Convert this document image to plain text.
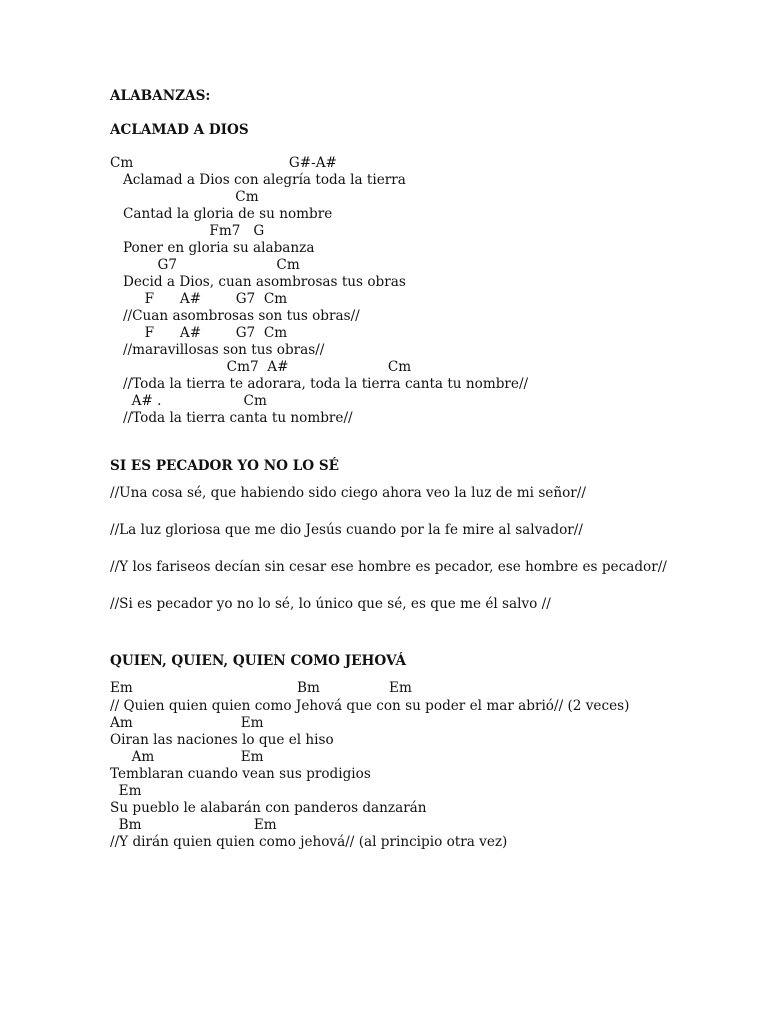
ALABANZAS:

ACLAMAD A DIOS

Cm                                    G#-A#

Aclamad a Dios con alegría toda la tierra

Cm

Cantad la gloria de su nombre

Fm7   G

Poner en gloria su alabanza

G7                       Cm

Decid a Dios, cuan asombrosas tus obras

F      A#        G7  Cm

//Cuan asombrosas son tus obras//

F      A#        G7  Cm

//maravillosas son tus obras//

Cm7  A#                       Cm

//Toda la tierra te adorara, toda la tierra canta tu nombre//

A# .                   Cm

//Toda la tierra canta tu nombre//

SI ES PECADOR YO NO LO SÉ

//Una cosa sé, que habiendo sido ciego ahora veo la luz de mi señor//

//La luz gloriosa que me dio Jesús cuando por la fe mire al salvador//

//Y los fariseos decían sin cesar ese hombre es pecador, ese hombre es pecador//

//Si es pecador yo no lo sé, lo único que sé, es que me él salvo //

QUIEN, QUIEN, QUIEN COMO JEHOVÁ

Em                                      Bm                Em

// Quien quien quien como Jehová que con su poder el mar abrió// (2 veces)

Am                         Em

Oiran las naciones lo que el hiso

Am                    Em

Temblaran cuando vean sus prodigios

Em

Su pueblo le alabarán con panderos danzarán

Bm                          Em

//Y dirán quien quien como jehová// (al principio otra vez)
